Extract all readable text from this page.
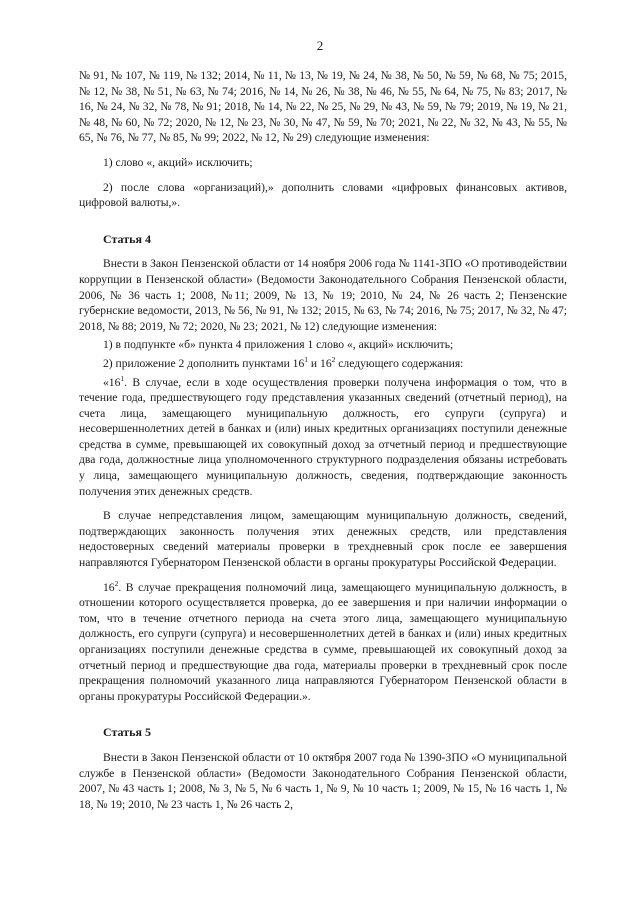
2

№ 91, № 107, № 119, № 132; 2014, № 11, № 13, № 19, № 24, № 38, № 50, № 59, № 68, № 75; 2015, № 12, № 38, № 51, № 63, № 74; 2016, № 14, № 26, № 38, № 46, № 55, № 64, № 75, № 83; 2017, № 16, № 24, № 32, № 78, № 91; 2018, № 14, № 22, № 25, № 29, № 43, № 59, № 79; 2019, № 19, № 21, № 48, № 60, № 72; 2020, № 12, № 23, № 30, № 47, № 59, № 70; 2021, № 22, № 32, № 43, № 55, № 65, № 76, № 77, № 85, № 99; 2022, № 12, № 29) следующие изменения:

1) слово «, акций» исключить;

2) после слова «организаций),» дополнить словами «цифровых финансовых активов, цифровой валюты,».

Статья 4

Внести в Закон Пензенской области от 14 ноября 2006 года № 1141-ЗПО «О противодействии коррупции в Пензенской области» (Ведомости Законодательного Собрания Пензенской области, 2006, № 36 часть 1; 2008, №11; 2009, № 13, № 19; 2010, № 24, № 26 часть 2; Пензенские губернские ведомости, 2013, № 56, № 91, № 132; 2015, № 63, № 74; 2016, № 75; 2017, № 32, № 47; 2018, № 88; 2019, № 72; 2020, № 23; 2021, № 12) следующие изменения:

1) в подпункте «б» пункта 4 приложения 1 слово «, акций» исключить;

2) приложение 2 дополнить пунктами $16^1$ и $16^2$ следующего содержания:

«$16^1$. В случае, если в ходе осуществления проверки получена информация о том, что в течение года, предшествующего году представления указанных сведений (отчетный период), на счета лица, замещающего муниципальную должность, его супруги (супруга) и несовершеннолетних детей в банках и (или) иных кредитных организациях поступили денежные средства в сумме, превышающей их совокупный доход за отчетный период и предшествующие два года, должностные лица уполномоченного структурного подразделения обязаны истребовать у лица, замещающего муниципальную должность, сведения, подтверждающие законность получения этих денежных средств.

В случае непредставления лицом, замещающим муниципальную должность, сведений, подтверждающих законность получения этих денежных средств, или представления недостоверных сведений материалы проверки в трехдневный срок после ее завершения направляются Губернатором Пензенской области в органы прокуратуры Российской Федерации.

$16^2$. В случае прекращения полномочий лица, замещающего муниципальную должность, в отношении которого осуществляется проверка, до ее завершения и при наличии информации о том, что в течение отчетного периода на счета этого лица, замещающего муниципальную должность, его супруги (супруга) и несовершеннолетних детей в банках и (или) иных кредитных организациях поступили денежные средства в сумме, превышающей их совокупный доход за отчетный период и предшествующие два года, материалы проверки в трехдневный срок после прекращения полномочий указанного лица направляются Губернатором Пензенской области в органы прокуратуры Российской Федерации.».

Статья 5

Внести в Закон Пензенской области от 10 октября 2007 года № 1390-ЗПО «О муниципальной службе в Пензенской области» (Ведомости Законодательного Собрания Пензенской области, 2007, № 43 часть 1; 2008, № 3, № 5, № 6 часть 1, № 9, № 10 часть 1; 2009, № 15, № 16 часть 1, № 18, № 19; 2010, № 23 часть 1, № 26 часть 2,
